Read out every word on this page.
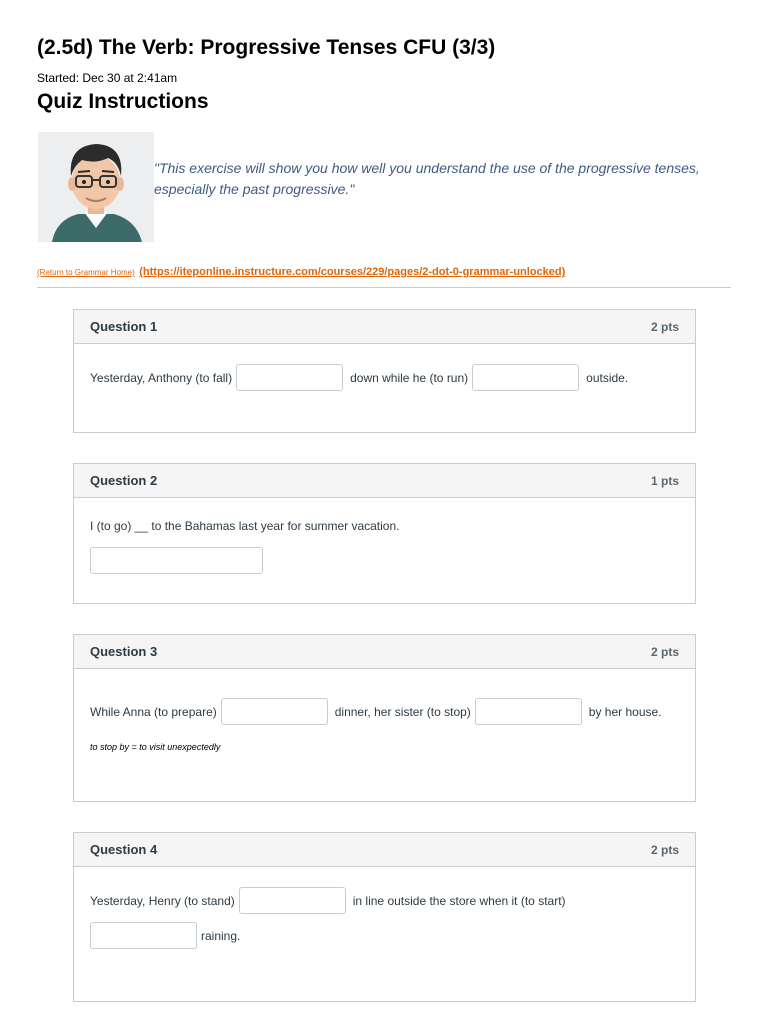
(2.5d) The Verb: Progressive Tenses CFU (3/3)
Started: Dec 30 at 2:41am
Quiz Instructions
"This exercise will show you how well you understand the use of the progressive tenses, especially the past progressive."
(Return to Grammar Home) (https://iteponline.instructure.com/courses/229/pages/2-dot-0-grammar-unlocked)
Question 1	2 pts
Yesterday, Anthony (to fall)	down while he (to run)	outside.
Question 2	1 pts
I (to go) __ to the Bahamas last year for summer vacation.
Question 3	2 pts
While Anna (to prepare)	dinner, her sister (to stop)	by her house.
to stop by = to visit unexpectedly
Question 4	2 pts
Yesterday, Henry (to stand)	in line outside the store when it (to start)
raining.
